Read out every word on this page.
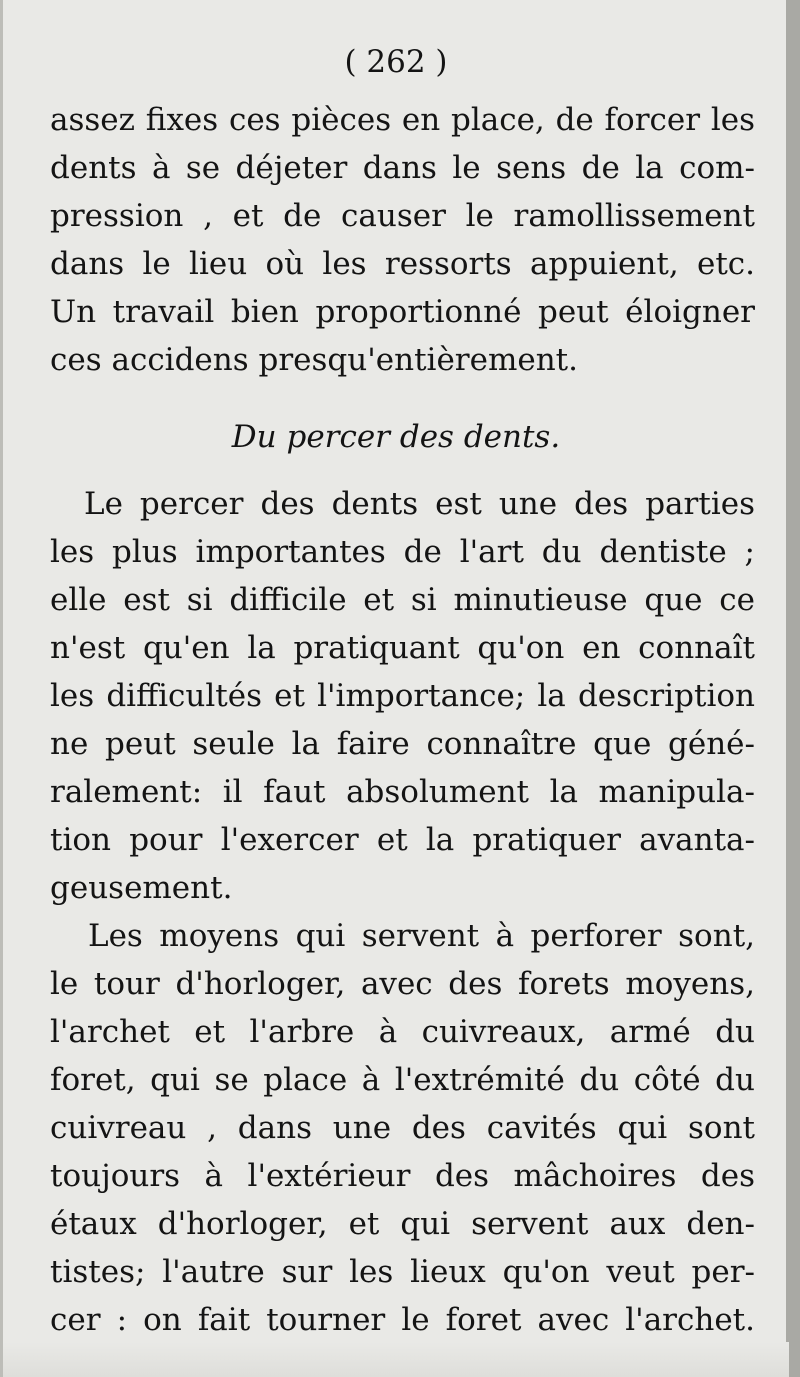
( 262 )
assez fixes ces pièces en place, de forcer les
dents à se déjeter dans le sens de la com-
pression , et de causer le ramollissement
dans le lieu où les ressorts appuient, etc.
Un travail bien proportionné peut éloigner
ces accidens presqu'entièrement.
Du percer des dents.
Le percer des dents est une des parties
les plus importantes de l'art du dentiste ;
elle est si difficile et si minutieuse que ce
n'est qu'en la pratiquant qu'on en connaît
les difficultés et l'importance; la description
ne peut seule la faire connaître que géné-
ralement: il faut absolument la manipula-
tion pour l'exercer et la pratiquer avanta-
geusement.
Les moyens qui servent à perforer sont,
le tour d'horloger, avec des forets moyens,
l'archet et l'arbre à cuivreaux, armé du
foret, qui se place à l'extrémité du côté du
cuivreau , dans une des cavités qui sont
toujours à l'extérieur des mâchoires des
étaux d'horloger, et qui servent aux den-
tistes; l'autre sur les lieux qu'on veut per-
cer : on fait tourner le foret avec l'archet.
